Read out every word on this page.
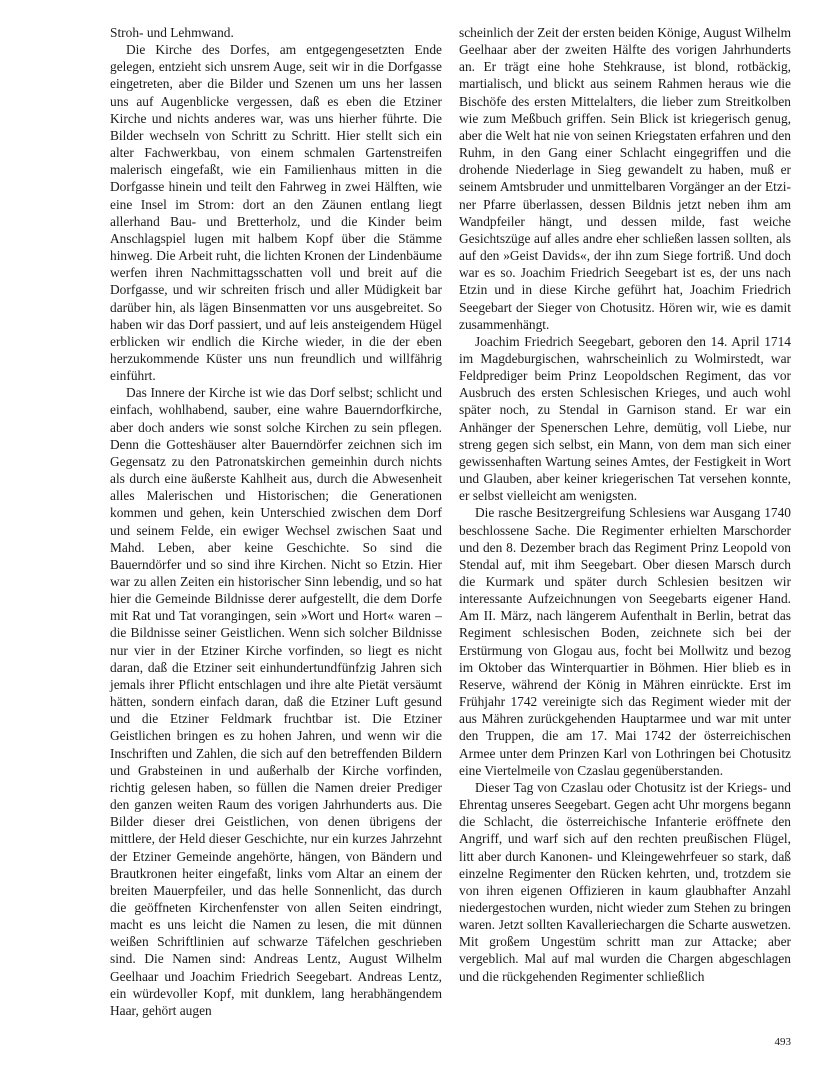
Stroh- und Lehmwand.

Die Kirche des Dorfes, am entgegengesetzten Ende gelegen, entzieht sich unsrem Auge, seit wir in die Dorfgasse eingetreten, aber die Bilder und Szenen um uns her lassen uns auf Augenblicke vergessen, daß es eben die Etziner Kirche und nichts anderes war, was uns hierher führte. Die Bilder wechseln von Schritt zu Schritt. Hier stellt sich ein alter Fachwerkbau, von einem schmalen Gartenstreifen malerisch eingefaßt, wie ein Familienhaus mitten in die Dorfgasse hinein und teilt den Fahrweg in zwei Hälften, wie eine Insel im Strom: dort an den Zäunen entlang liegt allerhand Bau- und Bretterholz, und die Kinder beim Anschlagspiel lugen mit halbem Kopf über die Stämme hinweg. Die Arbeit ruht, die lichten Kronen der Lindenbäume werfen ihren Nachmittagsschatten voll und breit auf die Dorfgasse, und wir schreiten frisch und aller Müdigkeit bar darüber hin, als lägen Binsenmatten vor uns ausgebreitet. So haben wir das Dorf passiert, und auf leis ansteigendem Hügel erblicken wir endlich die Kirche wieder, in die der eben herzukommende Küster uns nun freundlich und willfährig einführt.

Das Innere der Kirche ist wie das Dorf selbst; schlicht und einfach, wohlhabend, sauber, eine wahre Bauerndorfkirche, aber doch anders wie sonst solche Kirchen zu sein pflegen. Denn die Gotteshäuser alter Bauerndörfer zeichnen sich im Gegensatz zu den Patronatskirchen gemeinhin durch nichts als durch eine äußerste Kahlheit aus, durch die Abwesenheit alles Malerischen und Historischen; die Generationen kommen und gehen, kein Unterschied zwischen dem Dorf und seinem Felde, ein ewiger Wechsel zwischen Saat und Mahd. Leben, aber keine Geschichte. So sind die Bauerndörfer und so sind ihre Kirchen. Nicht so Etzin. Hier war zu allen Zeiten ein historischer Sinn lebendig, und so hat hier die Gemeinde Bildnisse derer aufgestellt, die dem Dorfe mit Rat und Tat vorangingen, sein »Wort und Hort« waren – die Bildnisse seiner Geistlichen. Wenn sich solcher Bildnisse nur vier in der Etziner Kirche vorfinden, so liegt es nicht daran, daß die Etziner seit einhundertundfünfzig Jahren sich jemals ihrer Pflicht entschlagen und ihre alte Pietät versäumt hätten, sondern einfach daran, daß die Etziner Luft gesund und die Etziner Feldmark fruchtbar ist. Die Etziner Geistlichen bringen es zu hohen Jahren, und wenn wir die Inschriften und Zahlen, die sich auf den betreffenden Bildern und Grabsteinen in und außerhalb der Kirche vorfinden, richtig gelesen haben, so füllen die Namen dreier Prediger den ganzen weiten Raum des vorigen Jahrhunderts aus. Die Bilder dieser drei Geistlichen, von denen übrigens der mittlere, der Held dieser Geschichte, nur ein kurzes Jahrzehnt der Etziner Gemeinde angehörte, hängen, von Bändern und Brautkronen heiter eingefaßt, links vom Altar an einem der breiten Mauerpfeiler, und das helle Sonnenlicht, das durch die geöffneten Kirchenfenster von allen Seiten eindringt, macht es uns leicht die Namen zu lesen, die mit dünnen weißen Schriftlinien auf schwarze Täfelchen geschrieben sind. Die Namen sind: Andreas Lentz, August Wilhelm Geelhaar und Joachim Friedrich Seegebart. Andreas Lentz, ein würdevoller Kopf, mit dunklem, lang herabhängendem Haar, gehört augen

scheinlich der Zeit der ersten beiden Könige, August Wilhelm Geelhaar aber der zweiten Hälfte des vorigen Jahrhunderts an. Er trägt eine hohe Stehkrause, ist blond, rotbäckig, martialisch, und blickt aus seinem Rahmen heraus wie die Bischöfe des ersten Mittelalters, die lieber zum Streitkolben wie zum Meßbuch griffen. Sein Blick ist kriegerisch genug, aber die Welt hat nie von seinen Kriegstaten erfahren und den Ruhm, in den Gang einer Schlacht eingegriffen und die drohende Niederlage in Sieg gewandelt zu haben, muß er seinem Amtsbruder und unmittelbaren Vorgänger an der Etziner Pfarre überlassen, dessen Bildnis jetzt neben ihm am Wandpfeiler hängt, und dessen milde, fast weiche Gesichtszüge auf alles andre eher schließen lassen sollten, als auf den »Geist Davids«, der ihn zum Siege fortriß. Und doch war es so. Joachim Friedrich Seegebart ist es, der uns nach Etzin und in diese Kirche geführt hat, Joachim Friedrich Seegebart der Sieger von Chotusitz. Hören wir, wie es damit zusammenhängt.

Joachim Friedrich Seegebart, geboren den 14. April 1714 im Magdeburgischen, wahrscheinlich zu Wolmirstedt, war Feldprediger beim Prinz Leopoldschen Regiment, das vor Ausbruch des ersten Schlesischen Krieges, und auch wohl später noch, zu Stendal in Garnison stand. Er war ein Anhänger der Spenerschen Lehre, demütig, voll Liebe, nur streng gegen sich selbst, ein Mann, von dem man sich einer gewissenhaften Wartung seines Amtes, der Festigkeit in Wort und Glauben, aber keiner kriegerischen Tat versehen konnte, er selbst vielleicht am wenigsten.

Die rasche Besitzergreifung Schlesiens war Ausgang 1740 beschlossene Sache. Die Regimenter erhielten Marschorder und den 8. Dezember brach das Regiment Prinz Leopold von Stendal auf, mit ihm Seegebart. Ober diesen Marsch durch die Kurmark und später durch Schlesien besitzen wir interessante Aufzeichnungen von Seegebarts eigener Hand. Am II. März, nach längerem Aufenthalt in Berlin, betrat das Regiment schlesischen Boden, zeichnete sich bei der Erstürmung von Glogau aus, focht bei Mollwitz und bezog im Oktober das Winterquartier in Böhmen. Hier blieb es in Reserve, während der König in Mähren einrückte. Erst im Frühjahr 1742 vereinigte sich das Regiment wieder mit der aus Mähren zurückgehenden Hauptarmee und war mit unter den Truppen, die am 17. Mai 1742 der österreichischen Armee unter dem Prinzen Karl von Lothringen bei Chotusitz eine Viertelmeile von Czaslau gegenüberstanden.

Dieser Tag von Czaslau oder Chotusitz ist der Kriegs- und Ehrentag unseres Seegebart. Gegen acht Uhr morgens begann die Schlacht, die österreichische Infanterie eröffnete den Angriff, und warf sich auf den rechten preußischen Flügel, litt aber durch Kanonen- und Kleingewehrfeuer so stark, daß einzelne Regimenter den Rücken kehrten, und, trotzdem sie von ihren eigenen Offizieren in kaum glaubhafter Anzahl niedergestochen wurden, nicht wieder zum Stehen zu bringen waren. Jetzt sollten Kavalleriechargen die Scharte auswetzen. Mit großem Ungestüm schritt man zur Attacke; aber vergeblich. Mal auf mal wurden die Chargen abgeschlagen und die rückgehenden Regimenter schließlich

493
